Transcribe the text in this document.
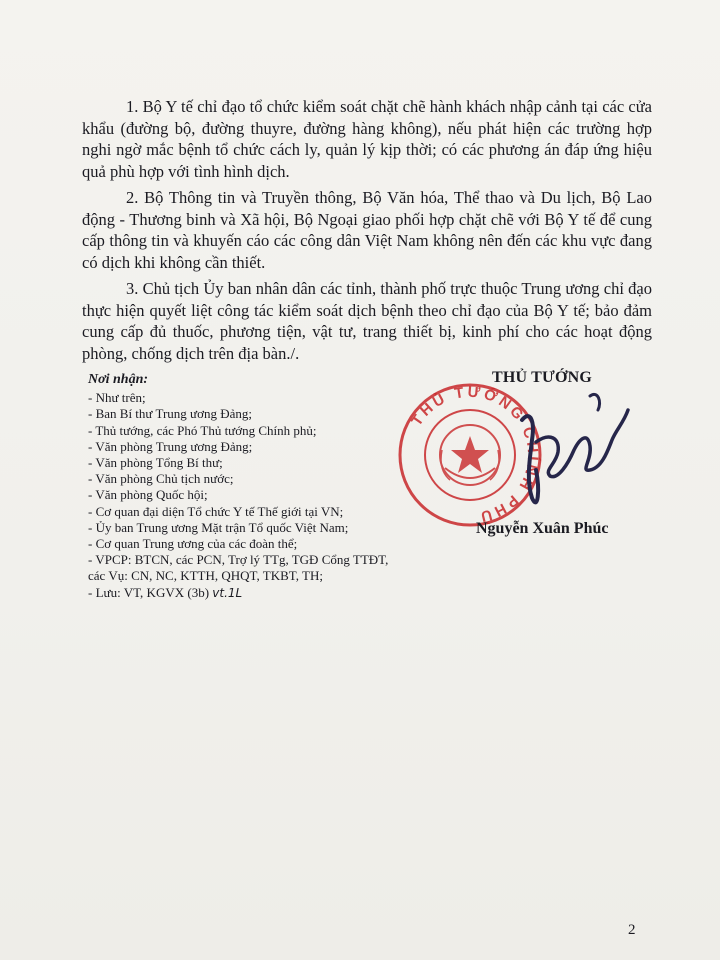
1. Bộ Y tế chỉ đạo tổ chức kiểm soát chặt chẽ hành khách nhập cảnh tại các cửa khẩu (đường bộ, đường thuyre, đường hàng không), nếu phát hiện các trường hợp nghi ngờ mắc bệnh tổ chức cách ly, quản lý kịp thời; có các phương án đáp ứng hiệu quả phù hợp với tình hình dịch.

2. Bộ Thông tin và Truyền thông, Bộ Văn hóa, Thể thao và Du lịch, Bộ Lao động - Thương binh và Xã hội, Bộ Ngoại giao phối hợp chặt chẽ với Bộ Y tế để cung cấp thông tin và khuyến cáo các công dân Việt Nam không nên đến các khu vực đang có dịch khi không cần thiết.

3. Chủ tịch Ủy ban nhân dân các tỉnh, thành phố trực thuộc Trung ương chỉ đạo thực hiện quyết liệt công tác kiểm soát dịch bệnh theo chỉ đạo của Bộ Y tế; bảo đảm cung cấp đủ thuốc, phương tiện, vật tư, trang thiết bị, kinh phí cho các hoạt động phòng, chống dịch trên địa bàn./.

Nơi nhận:
- Như trên;
- Ban Bí thư Trung ương Đảng;
- Thủ tướng, các Phó Thủ tướng Chính phủ;
- Văn phòng Trung ương Đảng;
- Văn phòng Tổng Bí thư;
- Văn phòng Chủ tịch nước;
- Văn phòng Quốc hội;
- Cơ quan đại diện Tổ chức Y tế Thế giới tại VN;
- Ủy ban Trung ương Mặt trận Tổ quốc Việt Nam;
- Cơ quan Trung ương của các đoàn thể;
- VPCP: BTCN, các PCN, Trợ lý TTg, TGĐ Cổng TTĐT,
các Vụ: CN, NC, KTTH, QHQT, TKBT, TH;
- Lưu: VT, KGVX (3b) vt.1L
THỦ TƯỚNG CHÍNH PHỦ
THỦ TƯỚNG
Nguyễn Xuân Phúc
2
